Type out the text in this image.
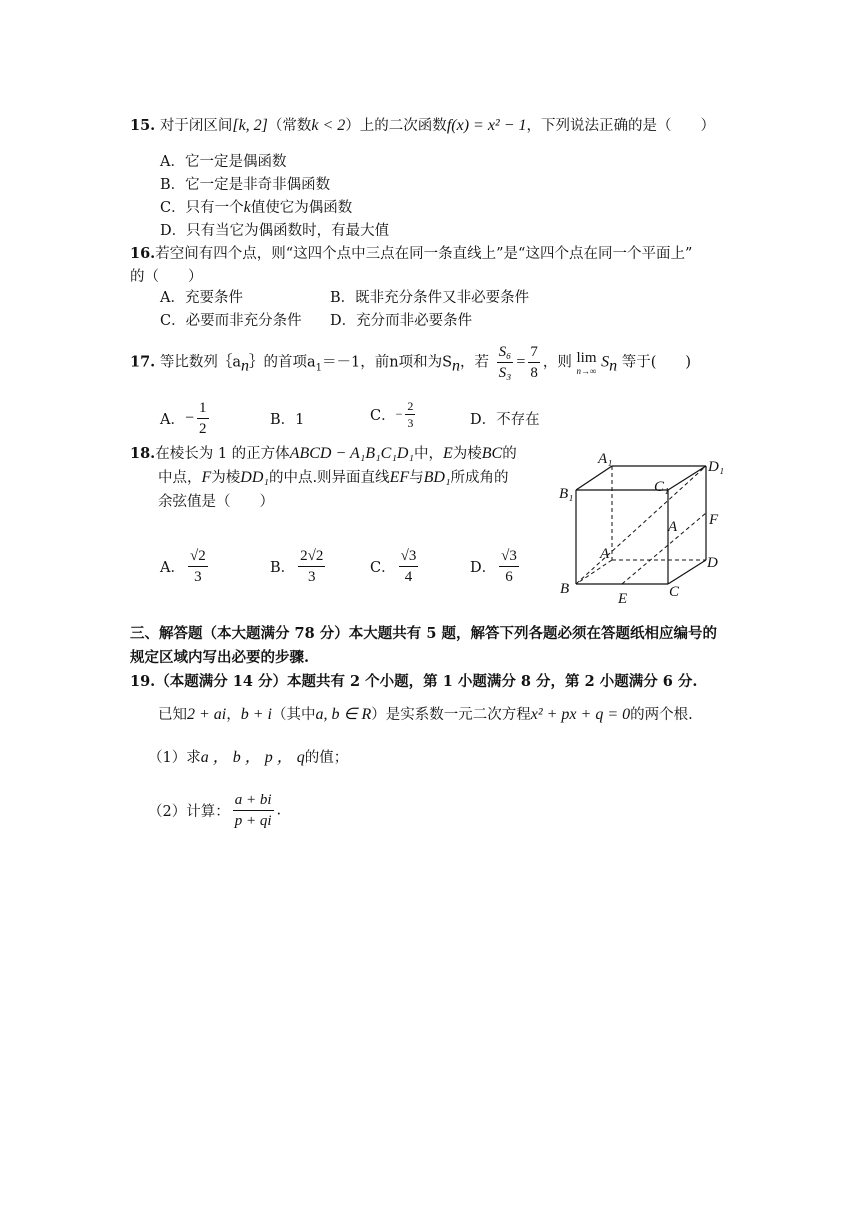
15. 对于闭区间[k, 2]（常数k < 2）上的二次函数f(x) = x² − 1，下列说法正确的是（　　）
A．它一定是偶函数
B．它一定是非奇非偶函数
C．只有一个k值使它为偶函数
D．只有当它为偶函数时，有最大值
16.若空间有四个点，则“这四个点中三点在同一条直线上”是“这四个点在同一个平面上”
的（　　）
A．充要条件	B．既非充分条件又非必要条件
C．必要而非充分条件 D．充分而非必要条件
17. 等比数列$\{a_n\}$的首项$a_1=-1$，前n项和为$S_n$，若 $\frac{\text{S₆}}{\text{S₃}} = \frac{7}{8}$ ，则 lim
n→∞ $S_n$ 等于(　　)
A．− $\frac{1}{2}$	B．1	C．− $\frac{2}{3}$	D．不存在
18.在棱长为 1 的正方体ABCD − A₁B₁C₁D₁中，E为棱BC的
中点，F为棱DD₁的中点.则异面直线EF与BD₁所成角的
余弦值是（　　）
A． $\frac{√2}{3}$	B． $\frac{2√2}{3}$	C． $\frac{√3}{4}$	D． $\frac{√3}{6}$
A₁	D₁
B₁	C₁
A F
A
D
B
E	C
三、解答题（本大题满分 78 分）本大题共有 5 题，解答下列各题必须在答题纸相应编号的
规定区域内写出必要的步骤.
19.（本题满分 14 分）本题共有 2 个小题，第 1 小题满分 8 分，第 2 小题满分 6 分.
已知2 + ai，b + i（其中a, b ∈ R）是实系数一元二次方程x² + px + q = 0的两个根.
（1）求a ， b ， p ， q的值；
（2）计算： $\frac{a + bi}{p + qi}$ .
